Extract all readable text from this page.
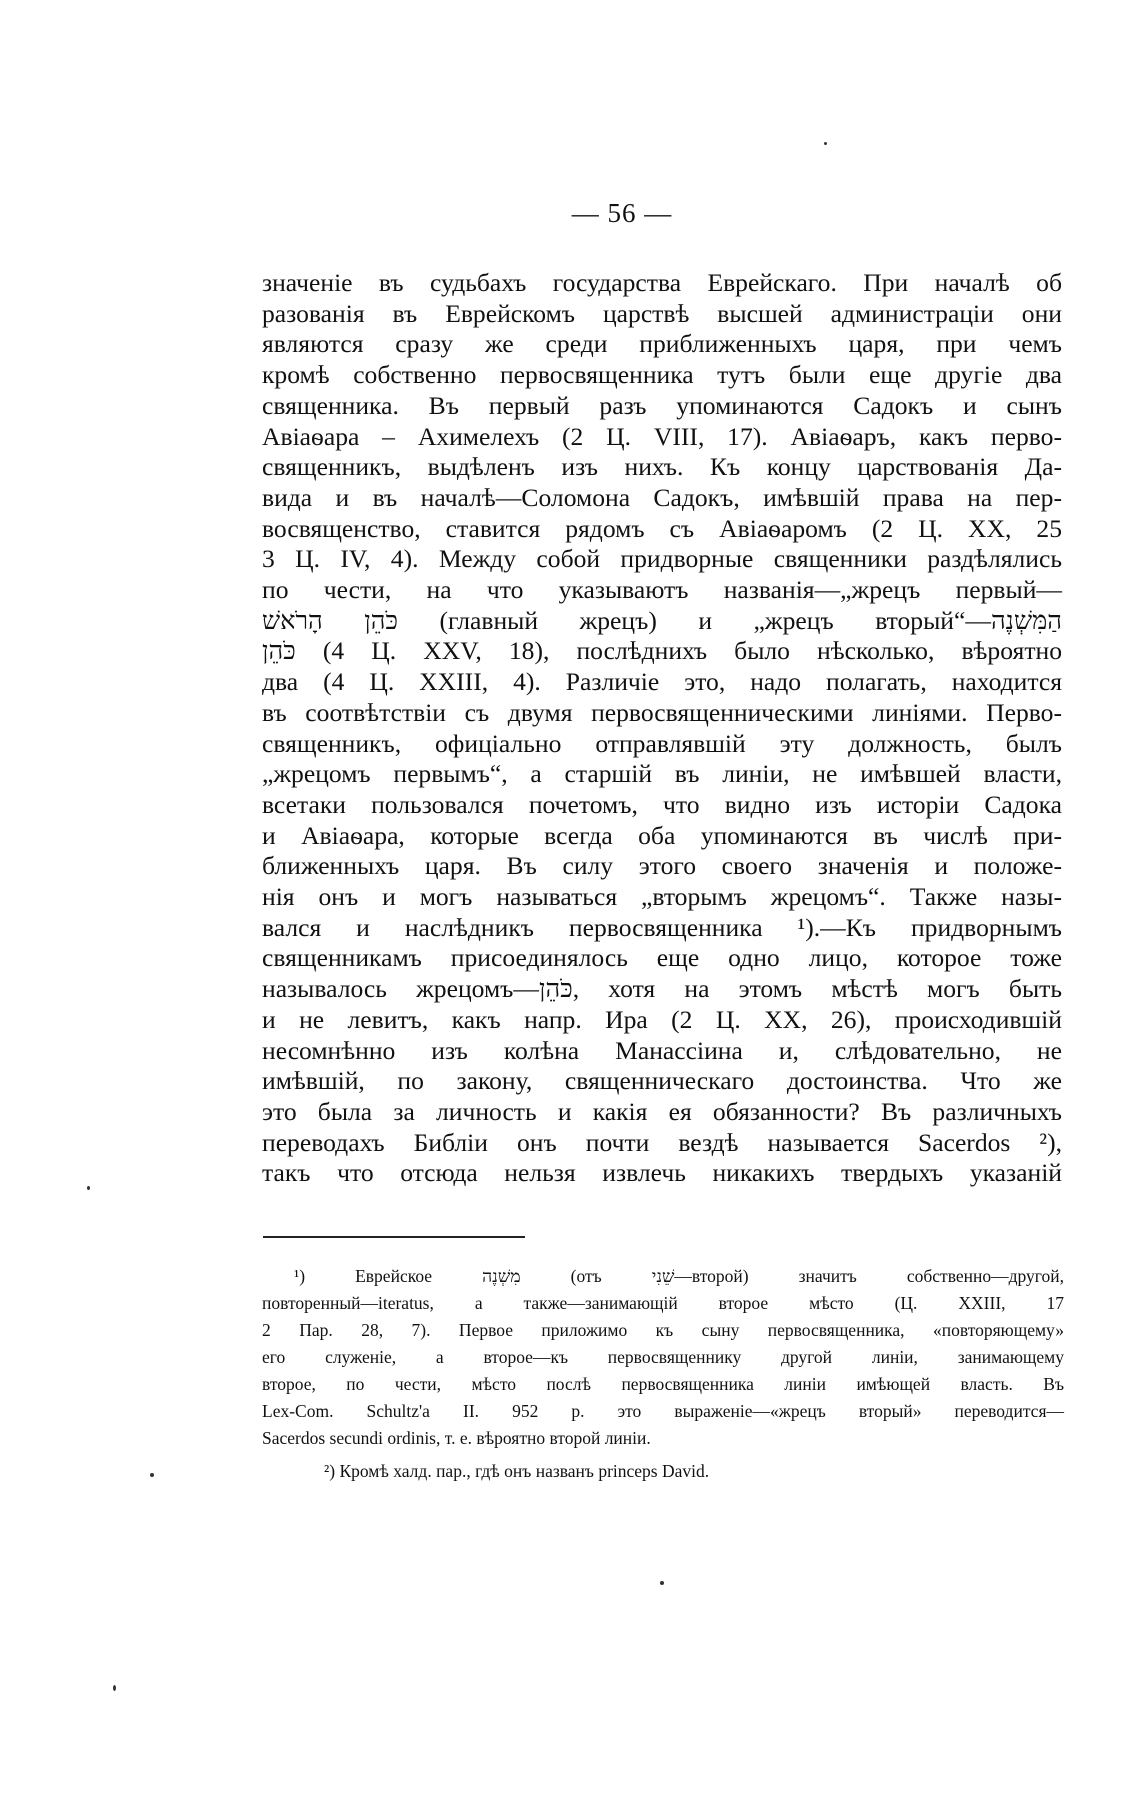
— 56 —
значеніе въ судьбахъ государства Еврейскаго. При началѣ об
разованія въ Еврейскомъ царствѣ высшей администраціи они
являются сразу же среди приближенныхъ царя, при чемъ
кромѣ собственно первосвященника тутъ были еще другіе два
священника. Въ первый разъ упоминаются Садокъ и сынъ
Авіаѳара – Ахимелехъ (2 Ц. VIII, 17). Авіаѳаръ, какъ перво-
священникъ, выдѣленъ изъ нихъ. Къ концу царствованія Да-
вида и въ началѣ—Соломона Садокъ, имѣвшій права на пер-
восвященство, ставится рядомъ съ Авіаѳаромъ (2 Ц. XX, 25
3 Ц. IV, 4). Между собой придворные священники раздѣлялись
по чести, на что указываютъ названія—„жрецъ первый—
כֹּהֵן הָרֹאשׁ (главный жрецъ) и „жрецъ вторый“—הַמִּשְׁנֶה
כֹּהֵן (4 Ц. XXV, 18), послѣднихъ было нѣсколько, вѣроятно
два (4 Ц. XXIII, 4). Различіе это, надо полагать, находится
въ соотвѣтствіи съ двумя первосвященническими линіями. Перво-
священникъ, офиціально отправлявшій эту должность, былъ
„жрецомъ первымъ“, а старшій въ линіи, не имѣвшей власти,
всетаки пользовался почетомъ, что видно изъ исторіи Садока
и Авіаѳара, которые всегда оба упоминаются въ числѣ при-
ближенныхъ царя. Въ силу этого своего значенія и положе-
нія онъ и могъ называться „вторымъ жрецомъ“. Также назы-
вался и наслѣдникъ первосвященника ¹).—Къ придворнымъ
священникамъ присоединялось еще одно лицо, которое тоже
называлось жрецомъ—כֹּהֵן, хотя на этомъ мѣстѣ могъ быть
и не левитъ, какъ напр. Ира (2 Ц. XX, 26), происходившій
несомнѣнно изъ колѣна Манассіина и, слѣдовательно, не
имѣвшій, по закону, священническаго достоинства. Что же
это была за личность и какія ея обязанности? Въ различныхъ
переводахъ Библіи онъ почти вездѣ называется Sacerdos ²),
такъ что отсюда нельзя извлечь никакихъ твердыхъ указаній
¹) Еврейское מִשְׁנֶה (отъ שֵׁנִי—второй) значитъ собственно—другой,
повторенный—iteratus, а также—занимающій второе мѣсто (Ц. XXIII, 17
2 Пар. 28, 7). Первое приложимо къ сыну первосвященника, «повторяющему»
его служеніе, а второе—къ первосвященнику другой линіи, занимающему
второе, по чести, мѣсто послѣ первосвященника линіи имѣющей власть. Въ
Lex-Com. Schultz'a II. 952 р. это выраженіе—«жрецъ вторый» переводится—
Sacerdos secundi ordinis, т. е. вѣроятно второй линіи.
²) Кромѣ халд. пар., гдѣ онъ названъ princeps David.
